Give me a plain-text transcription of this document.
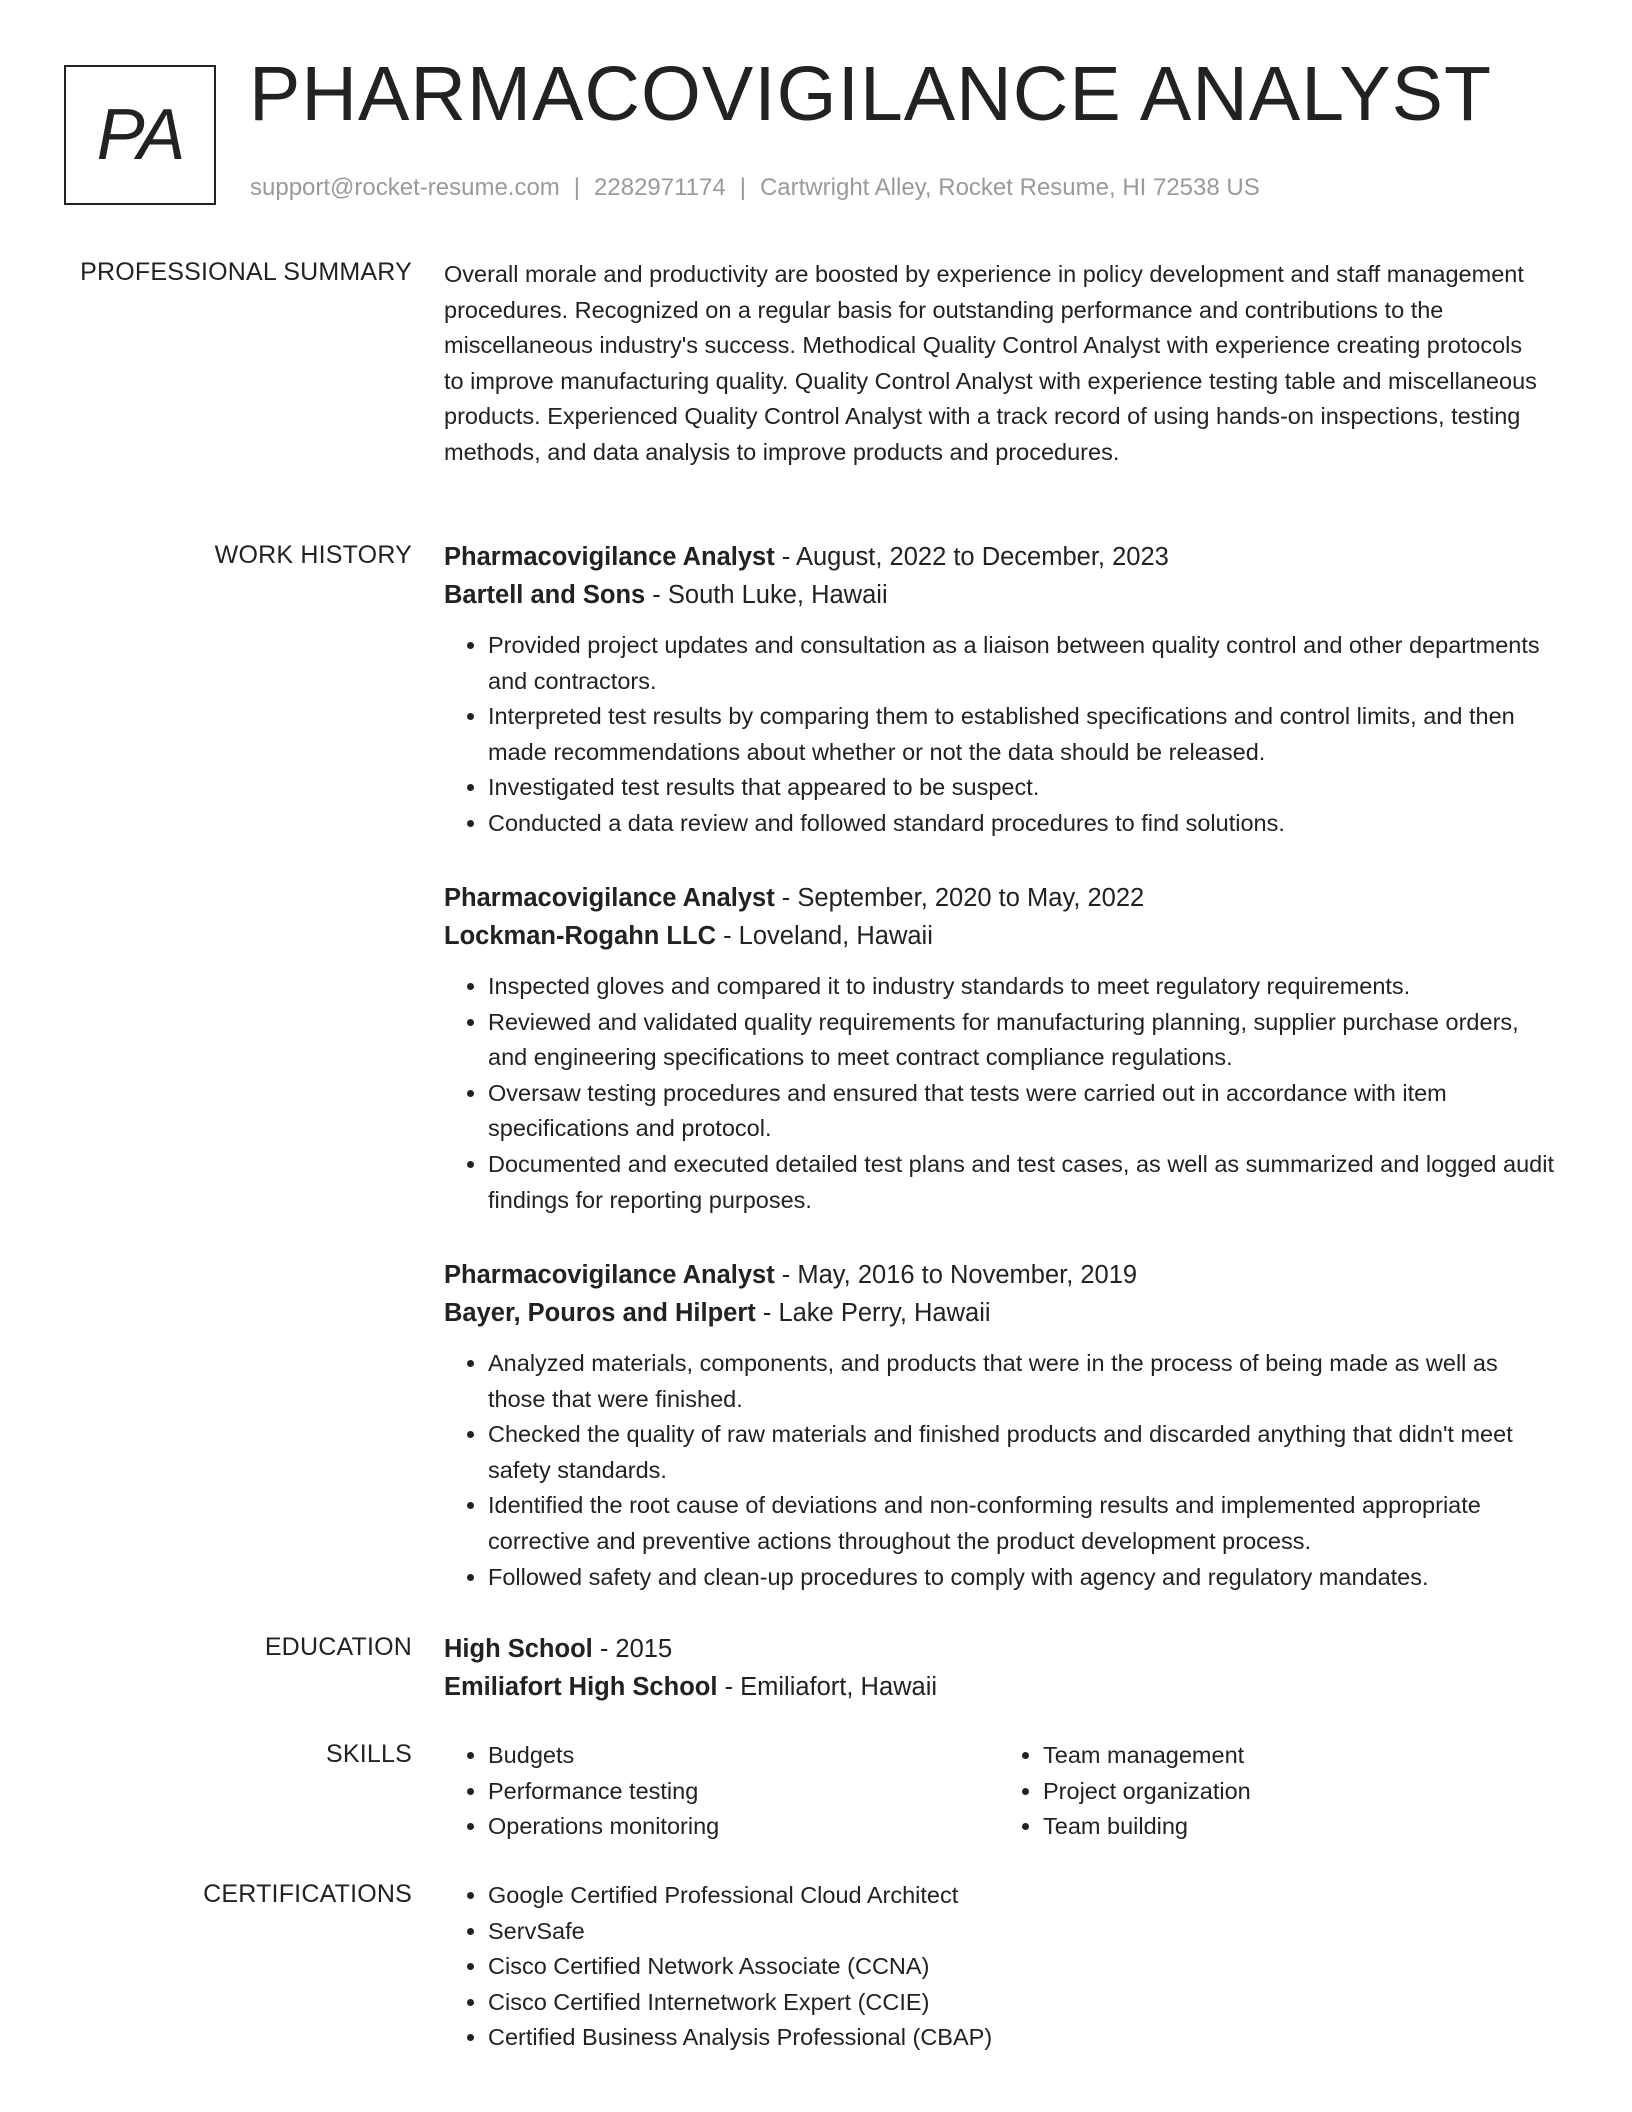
PA PHARMACOVIGILANCE ANALYST
support@rocket-resume.com | 2282971174 | Cartwright Alley, Rocket Resume, HI 72538 US
PROFESSIONAL SUMMARY Overall morale and productivity are boosted by experience in policy development and staff management procedures. Recognized on a regular basis for outstanding performance and contributions to the miscellaneous industry's success. Methodical Quality Control Analyst with experience creating protocols to improve manufacturing quality. Quality Control Analyst with experience testing table and miscellaneous products. Experienced Quality Control Analyst with a track record of using hands-on inspections, testing methods, and data analysis to improve products and procedures.

WORK HISTORY Pharmacovigilance Analyst - August, 2022 to December, 2023
Bartell and Sons - South Luke, Hawaii
• Provided project updates and consultation as a liaison between quality control and other departments and contractors.
• Interpreted test results by comparing them to established specifications and control limits, and then made recommendations about whether or not the data should be released.
• Investigated test results that appeared to be suspect.
• Conducted a data review and followed standard procedures to find solutions.
Pharmacovigilance Analyst - September, 2020 to May, 2022
Lockman-Rogahn LLC - Loveland, Hawaii
• Inspected gloves and compared it to industry standards to meet regulatory requirements.
• Reviewed and validated quality requirements for manufacturing planning, supplier purchase orders, and engineering specifications to meet contract compliance regulations.
• Oversaw testing procedures and ensured that tests were carried out in accordance with item specifications and protocol.
• Documented and executed detailed test plans and test cases, as well as summarized and logged audit findings for reporting purposes.
Pharmacovigilance Analyst - May, 2016 to November, 2019
Bayer, Pouros and Hilpert - Lake Perry, Hawaii
• Analyzed materials, components, and products that were in the process of being made as well as those that were finished.
• Checked the quality of raw materials and finished products and discarded anything that didn't meet safety standards.
• Identified the root cause of deviations and non-conforming results and implemented appropriate corrective and preventive actions throughout the product development process.
• Followed safety and clean-up procedures to comply with agency and regulatory mandates.
EDUCATION High School - 2015
Emiliafort High School - Emiliafort, Hawaii
SKILLS	• Budgets
• Performance testing
• Operations monitoring
• Team management
• Project organization
• Team building
CERTIFICATIONS	• Google Certified Professional Cloud Architect
• ServSafe
• Cisco Certified Network Associate (CCNA)
• Cisco Certified Internetwork Expert (CCIE)
• Certified Business Analysis Professional (CBAP)
